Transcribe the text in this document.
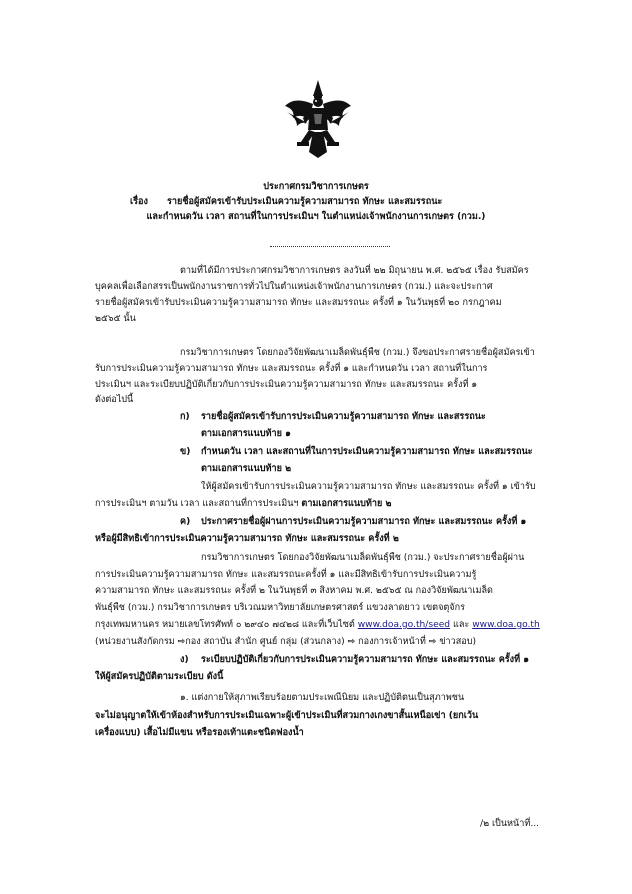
ประกาศกรมวิชาการเกษตร
เรื่อง รายชื่อผู้สมัครเข้ารับประเมินความรู้ความสามารถ ทักษะ และสมรรถนะ
และกำหนดวัน เวลา สถานที่ในการประเมินฯ ในตำแหน่งเจ้าพนักงานการเกษตร (กวม.)
ตามที่ได้มีการประกาศกรมวิชาการเกษตร ลงวันที่ ๒๒ มิถุนายน พ.ศ. ๒๕๖๕ เรื่อง รับสมัคร
บุคคลเพื่อเลือกสรรเป็นพนักงานราชการทั่วไปในตำแหน่งเจ้าพนักงานการเกษตร (กวม.) และจะประกาศ
รายชื่อผู้สมัครเข้ารับประเมินความรู้ความสามารถ ทักษะ และสมรรถนะ ครั้งที่ ๑ ในวันพุธที่ ๒๐ กรกฎาคม
๒๕๖๕ นั้น
กรมวิชาการเกษตร โดยกองวิจัยพัฒนาเมล็ดพันธุ์พืช (กวม.) จึงขอประกาศรายชื่อผู้สมัครเข้า
รับการประเมินความรู้ความสามารถ ทักษะ และสมรรถนะ ครั้งที่ ๑ และกำหนดวัน เวลา สถานที่ในการ
ประเมินฯ และระเบียบปฏิบัติเกี่ยวกับการประเมินความรู้ความสามารถ ทักษะ และสมรรถนะ ครั้งที่ ๑
ดังต่อไปนี้
ก) รายชื่อผู้สมัครเข้ารับการประเมินความรู้ความสามารถ ทักษะ และสรรถนะ
ตามเอกสารแนบท้าย ๑
ข) กำหนดวัน เวลา และสถานที่ในการประเมินความรู้ความสามารถ ทักษะ และสมรรถนะ
ตามเอกสารแนบท้าย ๒
ให้ผู้สมัครเข้ารับการประเมินความรู้ความสามารถ ทักษะ และสมรรถนะ ครั้งที่ ๑ เข้ารับ
การประเมินฯ ตามวัน เวลา และสถานที่การประเมินฯ ตามเอกสารแนบท้าย ๒
ค) ประกาศรายชื่อผู้ผ่านการประเมินความรู้ความสามารถ ทักษะ และสมรรถนะ ครั้งที่ ๑
หรือผู้มีสิทธิเข้าการประเมินความรู้ความสามารถ ทักษะ และสมรรถนะ ครั้งที่ ๒
กรมวิชาการเกษตร โดยกองวิจัยพัฒนาเมล็ดพันธุ์พืช (กวม.) จะประกาศรายชื่อผู้ผ่าน
การประเมินความรู้ความสามารถ ทักษะ และสมรรถนะครั้งที่ ๑ และมีสิทธิเข้ารับการประเมินความรู้
ความสามารถ ทักษะ และสมรรถนะ ครั้งที่ ๒ ในวันพุธที่ ๓ สิงหาคม พ.ศ. ๒๕๖๕ ณ กองวิจัยพัฒนาเมล็ด
พันธุ์พืช (กวม.) กรมวิชาการเกษตร บริเวณมหาวิทยาลัยเกษตรศาสตร์ แขวงลาดยาว เขตจตุจักร
กรุงเทพมหานคร หมายเลขโทรศัพท์ ๐ ๒๙๔๐ ๗๔๒๘ และที่เว็บไซต์ www.doa.go.th/seed และ www.doa.go.th
(หน่วยงานสังกัดกรม ⇨กอง สถาบัน สำนัก ศูนย์ กลุ่ม (ส่วนกลาง) ⇨ กองการเจ้าหน้าที่ ⇨ ข่าวสอบ)
ง) ระเบียบปฏิบัติเกี่ยวกับการประเมินความรู้ความสามารถ ทักษะ และสมรรถนะ ครั้งที่ ๑
ให้ผู้สมัครปฏิบัติตามระเบียบ ดังนี้
๑. แต่งกายให้สุภาพเรียบร้อยตามประเพณีนิยม และปฏิบัติตนเป็นสุภาพชน
จะไม่อนุญาตให้เข้าห้องสำหรับการประเมินเฉพาะผู้เข้าประเมินที่สวมกางเกงขาสั้นเหนือเข่า (ยกเว้น
เครื่องแบบ) เสื้อไม่มีแขน หรือรองเท้าแตะชนิดฟองน้ำ
/๒ เป็นหน้าที่...
